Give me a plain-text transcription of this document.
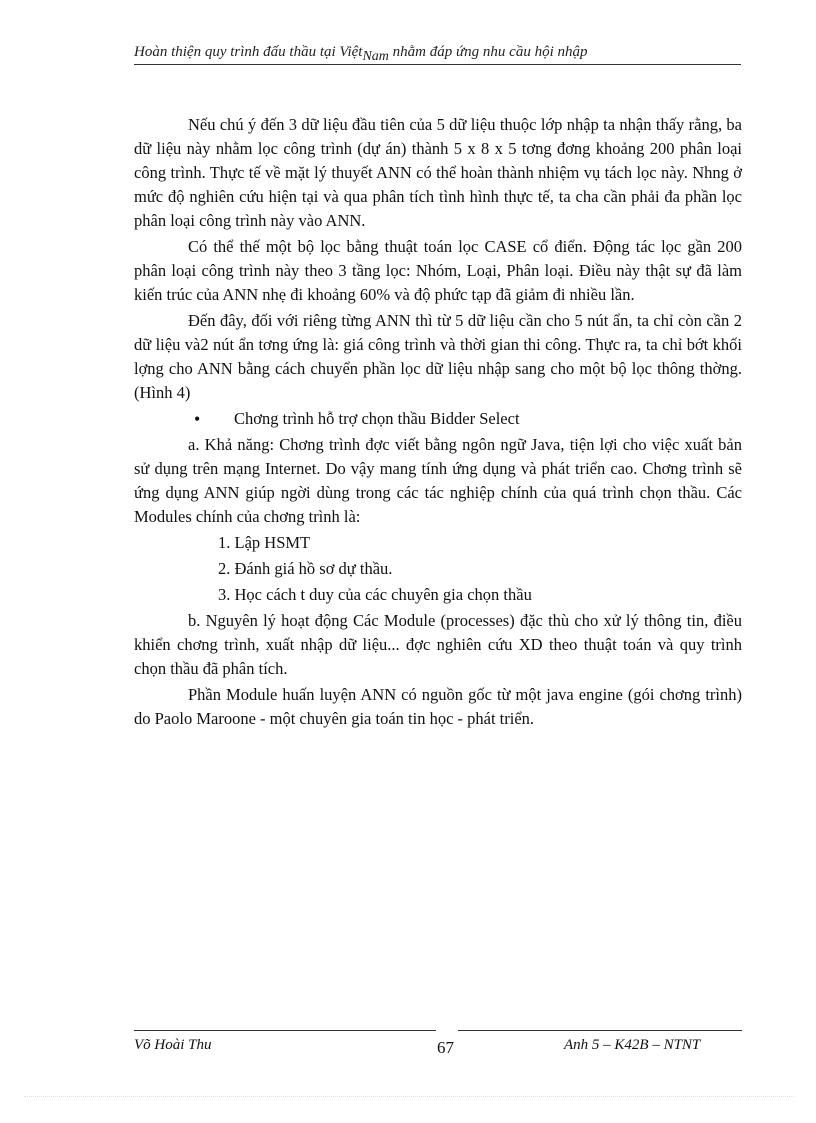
Hoàn thiện quy trình đấu thầu tại ViệtNam nhằm đáp ứng nhu cầu hội nhập

Nếu chú ý đến 3 dữ liệu đầu tiên của 5 dữ liệu thuộc lớp nhập ta nhận thấy rằng, ba dữ liệu này nhằm lọc công trình (dự án) thành 5 x 8 x 5 tơng đơng khoảng 200 phân loại công trình. Thực tế về mặt lý thuyết ANN có thể hoàn thành nhiệm vụ tách lọc này. Nhng ở mức độ nghiên cứu hiện tại và qua phân tích tình hình thực tế, ta cha cần phải đa phần lọc phân loại công trình này vào ANN.

Có thể thế một bộ lọc bằng thuật toán lọc CASE cổ điển. Động tác lọc gần 200 phân loại công trình này theo 3 tầng lọc: Nhóm, Loại, Phân loại. Điều này thật sự đã làm kiến trúc của ANN nhẹ đi khoảng 60% và độ phức tạp đã giảm đi nhiều lần.

Đến đây, đối với riêng từng ANN thì từ 5 dữ liệu cần cho 5 nút ẩn, ta chỉ còn cần 2 dữ liệu và2 nút ẩn tơng ứng là: giá công trình và thời gian thi công. Thực ra, ta chỉ bớt khối lợng cho ANN bằng cách chuyển phần lọc dữ liệu nhập sang cho một bộ lọc thông thờng. (Hình 4)

• Chơng trình hỗ trợ chọn thầu Bidder Select

a. Khả năng: Chơng trình đợc viết bằng ngôn ngữ Java, tiện lợi cho việc xuất bản sử dụng trên mạng Internet. Do vậy mang tính ứng dụng và phát triển cao. Chơng trình sẽ ứng dụng ANN giúp ngời dùng trong các tác nghiệp chính của quá trình chọn thầu. Các Modules chính của chơng trình là:

1. Lập HSMT
2. Đánh giá hồ sơ dự thầu.
3. Học cách t duy của các chuyên gia chọn thầu

b. Nguyên lý hoạt động Các Module (processes) đặc thù cho xử lý thông tin, điều khiển chơng trình, xuất nhập dữ liệu... đợc nghiên cứu XD theo thuật toán và quy trình chọn thầu đã phân tích.

Phần Module huấn luyện ANN có nguồn gốc từ một java engine (gói chơng trình) do Paolo Maroone - một chuyên gia toán tin học - phát triển.

Võ Hoài Thu	67	Anh 5 – K42B – NTNT
